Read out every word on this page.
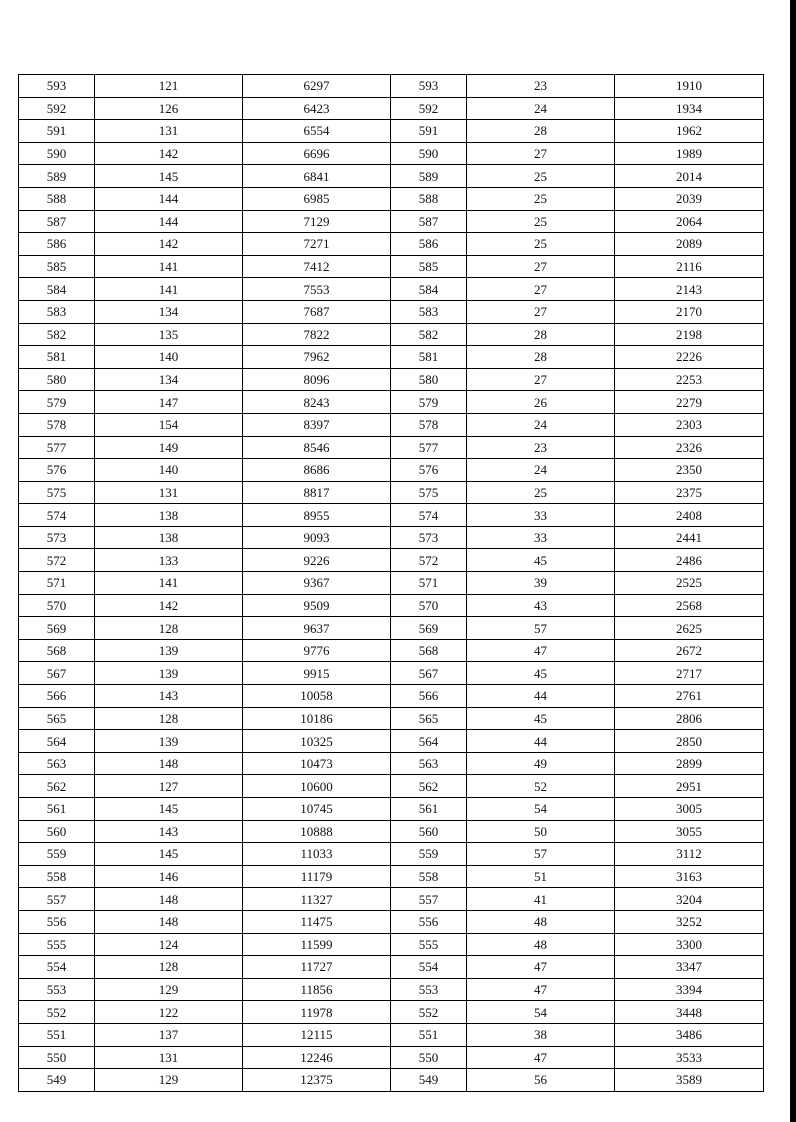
593	121	6297	593	23	1910
592	126	6423	592	24	1934
591	131	6554	591	28	1962
590	142	6696	590	27	1989
589	145	6841	589	25	2014
588	144	6985	588	25	2039
587	144	7129	587	25	2064
586	142	7271	586	25	2089
585	141	7412	585	27	2116
584	141	7553	584	27	2143
583	134	7687	583	27	2170
582	135	7822	582	28	2198
581	140	7962	581	28	2226
580	134	8096	580	27	2253
579	147	8243	579	26	2279
578	154	8397	578	24	2303
577	149	8546	577	23	2326
576	140	8686	576	24	2350
575	131	8817	575	25	2375
574	138	8955	574	33	2408
573	138	9093	573	33	2441
572	133	9226	572	45	2486
571	141	9367	571	39	2525
570	142	9509	570	43	2568
569	128	9637	569	57	2625
568	139	9776	568	47	2672
567	139	9915	567	45	2717
566	143	10058	566	44	2761
565	128	10186	565	45	2806
564	139	10325	564	44	2850
563	148	10473	563	49	2899
562	127	10600	562	52	2951
561	145	10745	561	54	3005
560	143	10888	560	50	3055
559	145	11033	559	57	3112
558	146	11179	558	51	3163
557	148	11327	557	41	3204
556	148	11475	556	48	3252
555	124	11599	555	48	3300
554	128	11727	554	47	3347
553	129	11856	553	47	3394
552	122	11978	552	54	3448
551	137	12115	551	38	3486
550	131	12246	550	47	3533
549	129	12375	549	56	3589
